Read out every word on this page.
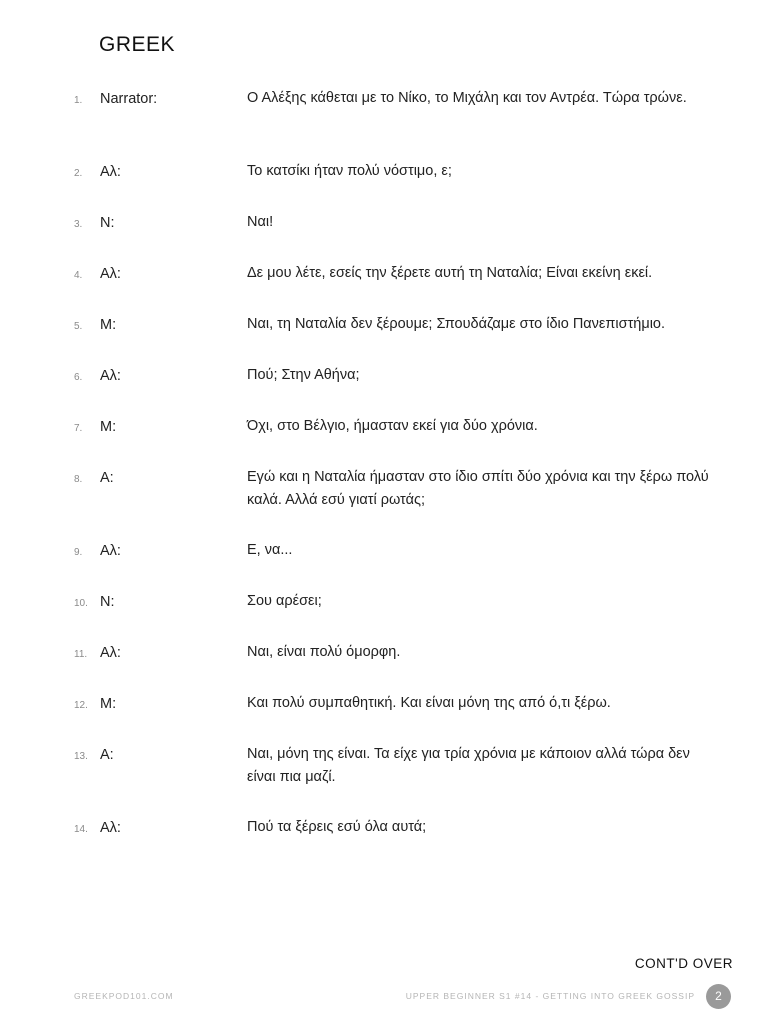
GREEK
1. Narrator:	Ο Αλέξης κάθεται με το Νίκο, το Μιχάλη και τον Αντρέα. Τώρα τρώνε.
2. Αλ:	Το κατσίκι ήταν πολύ νόστιμο, ε;
3. Ν:	Ναι!
4. Αλ:	Δε μου λέτε, εσείς την ξέρετε αυτή τη Ναταλία; Είναι εκείνη εκεί.
5. Μ:	Ναι, τη Ναταλία δεν ξέρουμε; Σπουδάζαμε στο ίδιο Πανεπιστήμιο.
6. Αλ:	Πού; Στην Αθήνα;
7. Μ:	Όχι, στο Βέλγιο, ήμασταν εκεί για δύο χρόνια.
8. Α:	Εγώ και η Ναταλία ήμασταν στο ίδιο σπίτι δύο χρόνια και την ξέρω πολύ καλά. Αλλά εσύ γιατί ρωτάς;
9. Αλ:	Ε, να...
10. Ν:	Σου αρέσει;
11. Αλ:	Ναι, είναι πολύ όμορφη.
12. Μ:	Και πολύ συμπαθητική. Και είναι μόνη της από ό,τι ξέρω.
13. Α:	Ναι, μόνη της είναι. Τα είχε για τρία χρόνια με κάποιον αλλά τώρα δεν είναι πια μαζί.
14. Αλ:	Πού τα ξέρεις εσύ όλα αυτά;
CONT'D OVER
GREEKPOD101.COM	UPPER BEGINNER S1 #14 - GETTING INTO GREEK GOSSIP	2
